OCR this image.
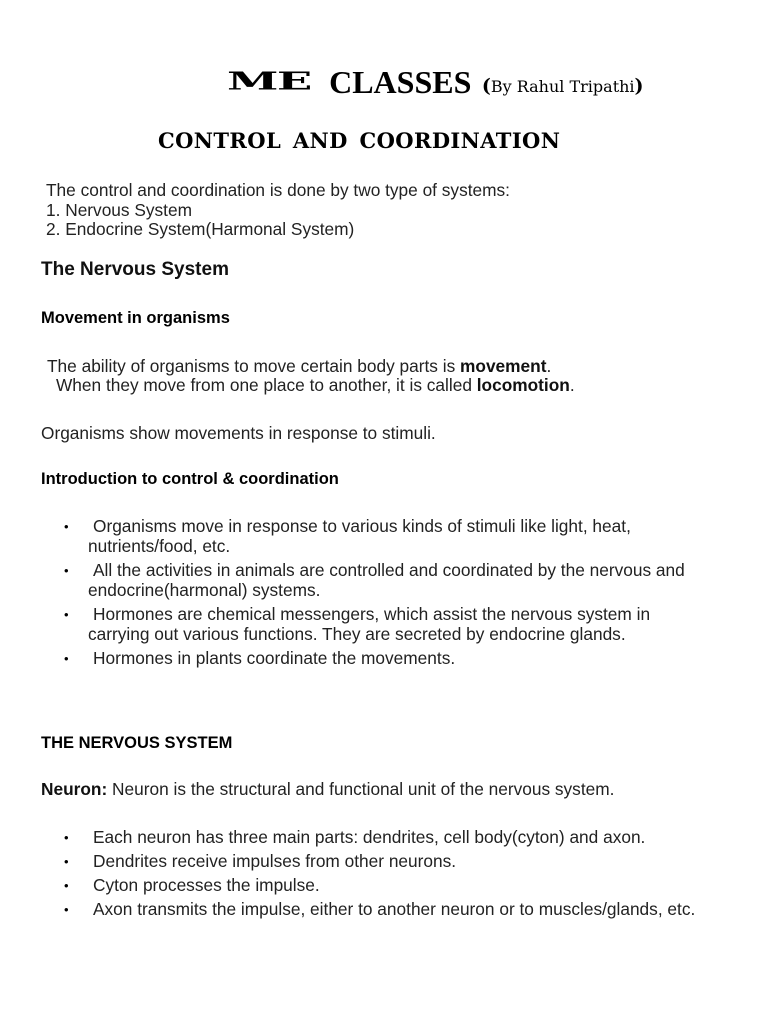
ME CLASSES (By Rahul Tripathi)
CONTROL AND COORDINATION
The control and coordination is done by two type of systems:
1. Nervous System
2. Endocrine System(Harmonal System)
The Nervous System
Movement in organisms
The ability of organisms to move certain body parts is movement.
When they move from one place to another, it is called locomotion.
Organisms show movements in response to stimuli.
Introduction to control & coordination
• Organisms move in response to various kinds of stimuli like light, heat,
nutrients/food, etc.
• All the activities in animals are controlled and coordinated by the nervous and
endocrine(harmonal) systems.
• Hormones are chemical messengers, which assist the nervous system in
carrying out various functions. They are secreted by endocrine glands.
• Hormones in plants coordinate the movements.
THE NERVOUS SYSTEM
Neuron: Neuron is the structural and functional unit of the nervous system.
• Each neuron has three main parts: dendrites, cell body(cyton) and axon.
• Dendrites receive impulses from other neurons.
• Cyton processes the impulse.
• Axon transmits the impulse, either to another neuron or to muscles/glands, etc.
